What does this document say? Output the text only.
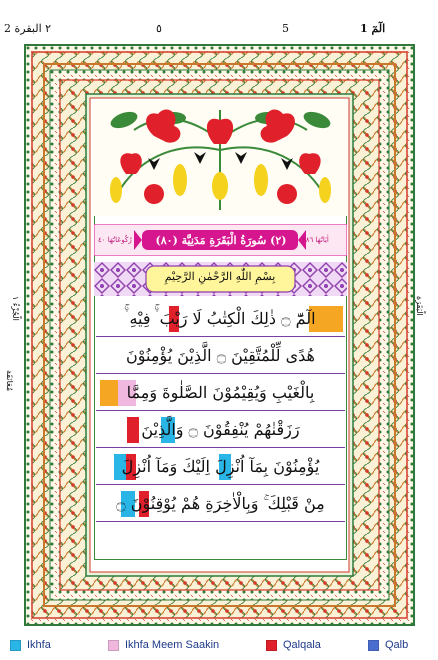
٢ البقرة 2	٥	5	1 الٓمٓ
(٢) سُورَةُ الْبَقَرَةِ مَدَنِيَّة (٨٠)	اٰيَاتُهَا ٢٨٦
رُكُوعَاتُهَا ٤٠
بِسْمِ اللّٰهِ الرَّحْمٰنِ الرَّحِيْمِ
الٓمّٓ ۝ ذٰلِكَ الْكِتٰبُ لَا رَيْبَ ۛۚ فِيْهِ ۛۚ
هُدًى لِّلْمُتَّقِيْنَ ۝ الَّذِيْنَ يُؤْمِنُوْنَ
بِالْغَيْبِ وَيُقِيْمُوْنَ الصَّلٰوةَ وَمِمَّا
رَزَقْنٰهُمْ يُنْفِقُوْنَ ۝ وَالَّذِيْنَ
يُؤْمِنُوْنَ بِمَآ اُنْزِلَ اِلَيْكَ وَمَآ اُنْزِلَ
مِنْ قَبْلِكَ ۚ وَبِالْاٰخِرَةِ هُمْ يُوْقِنُوْنَ ۝
الْبَقَرَة
الْجُزْءُ ١
مُعَانَقَة
Ikhfa	Ikhfa Meem Saakin	Qalqala	Qalb
